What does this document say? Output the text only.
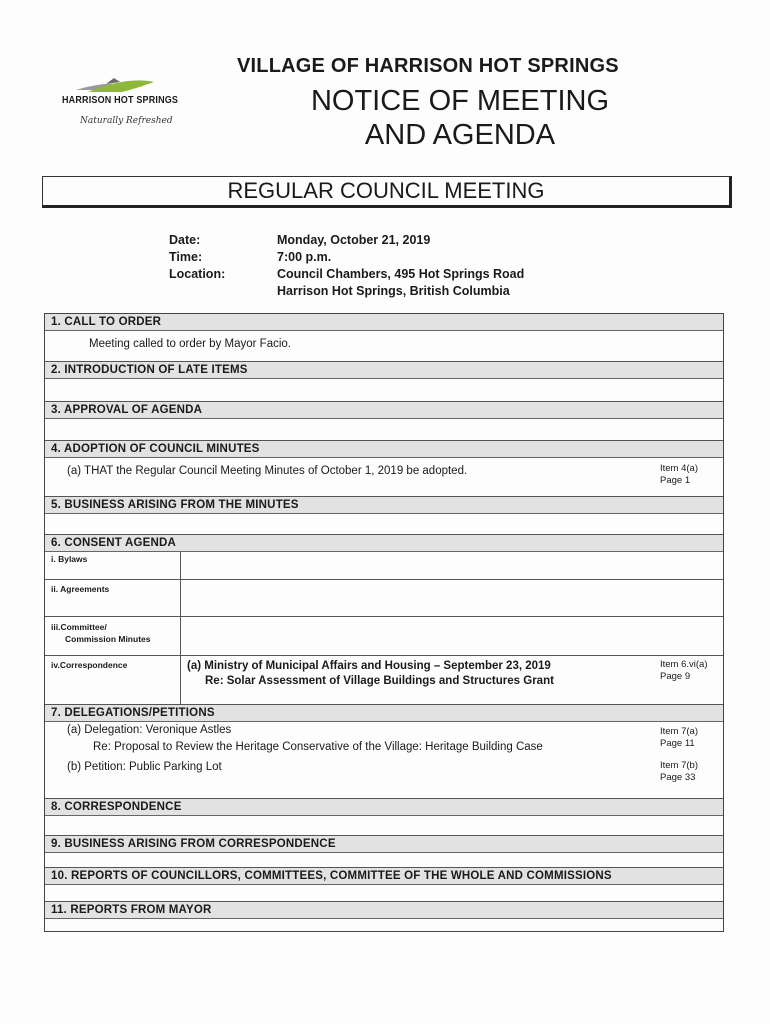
HARRISON HOT SPRINGS
Naturally Refreshed
VILLAGE OF HARRISON HOT SPRINGS
NOTICE OF MEETING
AND AGENDA
REGULAR COUNCIL MEETING
Date:	Monday, October 21, 2019
Time:	7:00 p.m.
Location:	Council Chambers, 495 Hot Springs Road
Harrison Hot Springs, British Columbia
1. CALL TO ORDER
Meeting called to order by Mayor Facio.
2. INTRODUCTION OF LATE ITEMS
3. APPROVAL OF AGENDA
4. ADOPTION OF COUNCIL MINUTES
(a) THAT the Regular Council Meeting Minutes of October 1, 2019 be adopted.	Item 4(a)
Page 1
5. BUSINESS ARISING FROM THE MINUTES
6. CONSENT AGENDA
i. Bylaws
ii. Agreements
iii.Committee/
Commission Minutes
iv.Correspondence	(a) Ministry of Municipal Affairs and Housing – September 23, 2019
Re: Solar Assessment of Village Buildings and Structures Grant
Item 6.vi(a)
Page 9
7. DELEGATIONS/PETITIONS
(a) Delegation: Veronique Astles
Re: Proposal to Review the Heritage Conservative of the Village: Heritage Building Case
(b) Petition: Public Parking Lot
Item 7(a)
Page 11
Item 7(b)
Page 33
8. CORRESPONDENCE
9. BUSINESS ARISING FROM CORRESPONDENCE
10. REPORTS OF COUNCILLORS, COMMITTEES, COMMITTEE OF THE WHOLE AND COMMISSIONS
11. REPORTS FROM MAYOR
